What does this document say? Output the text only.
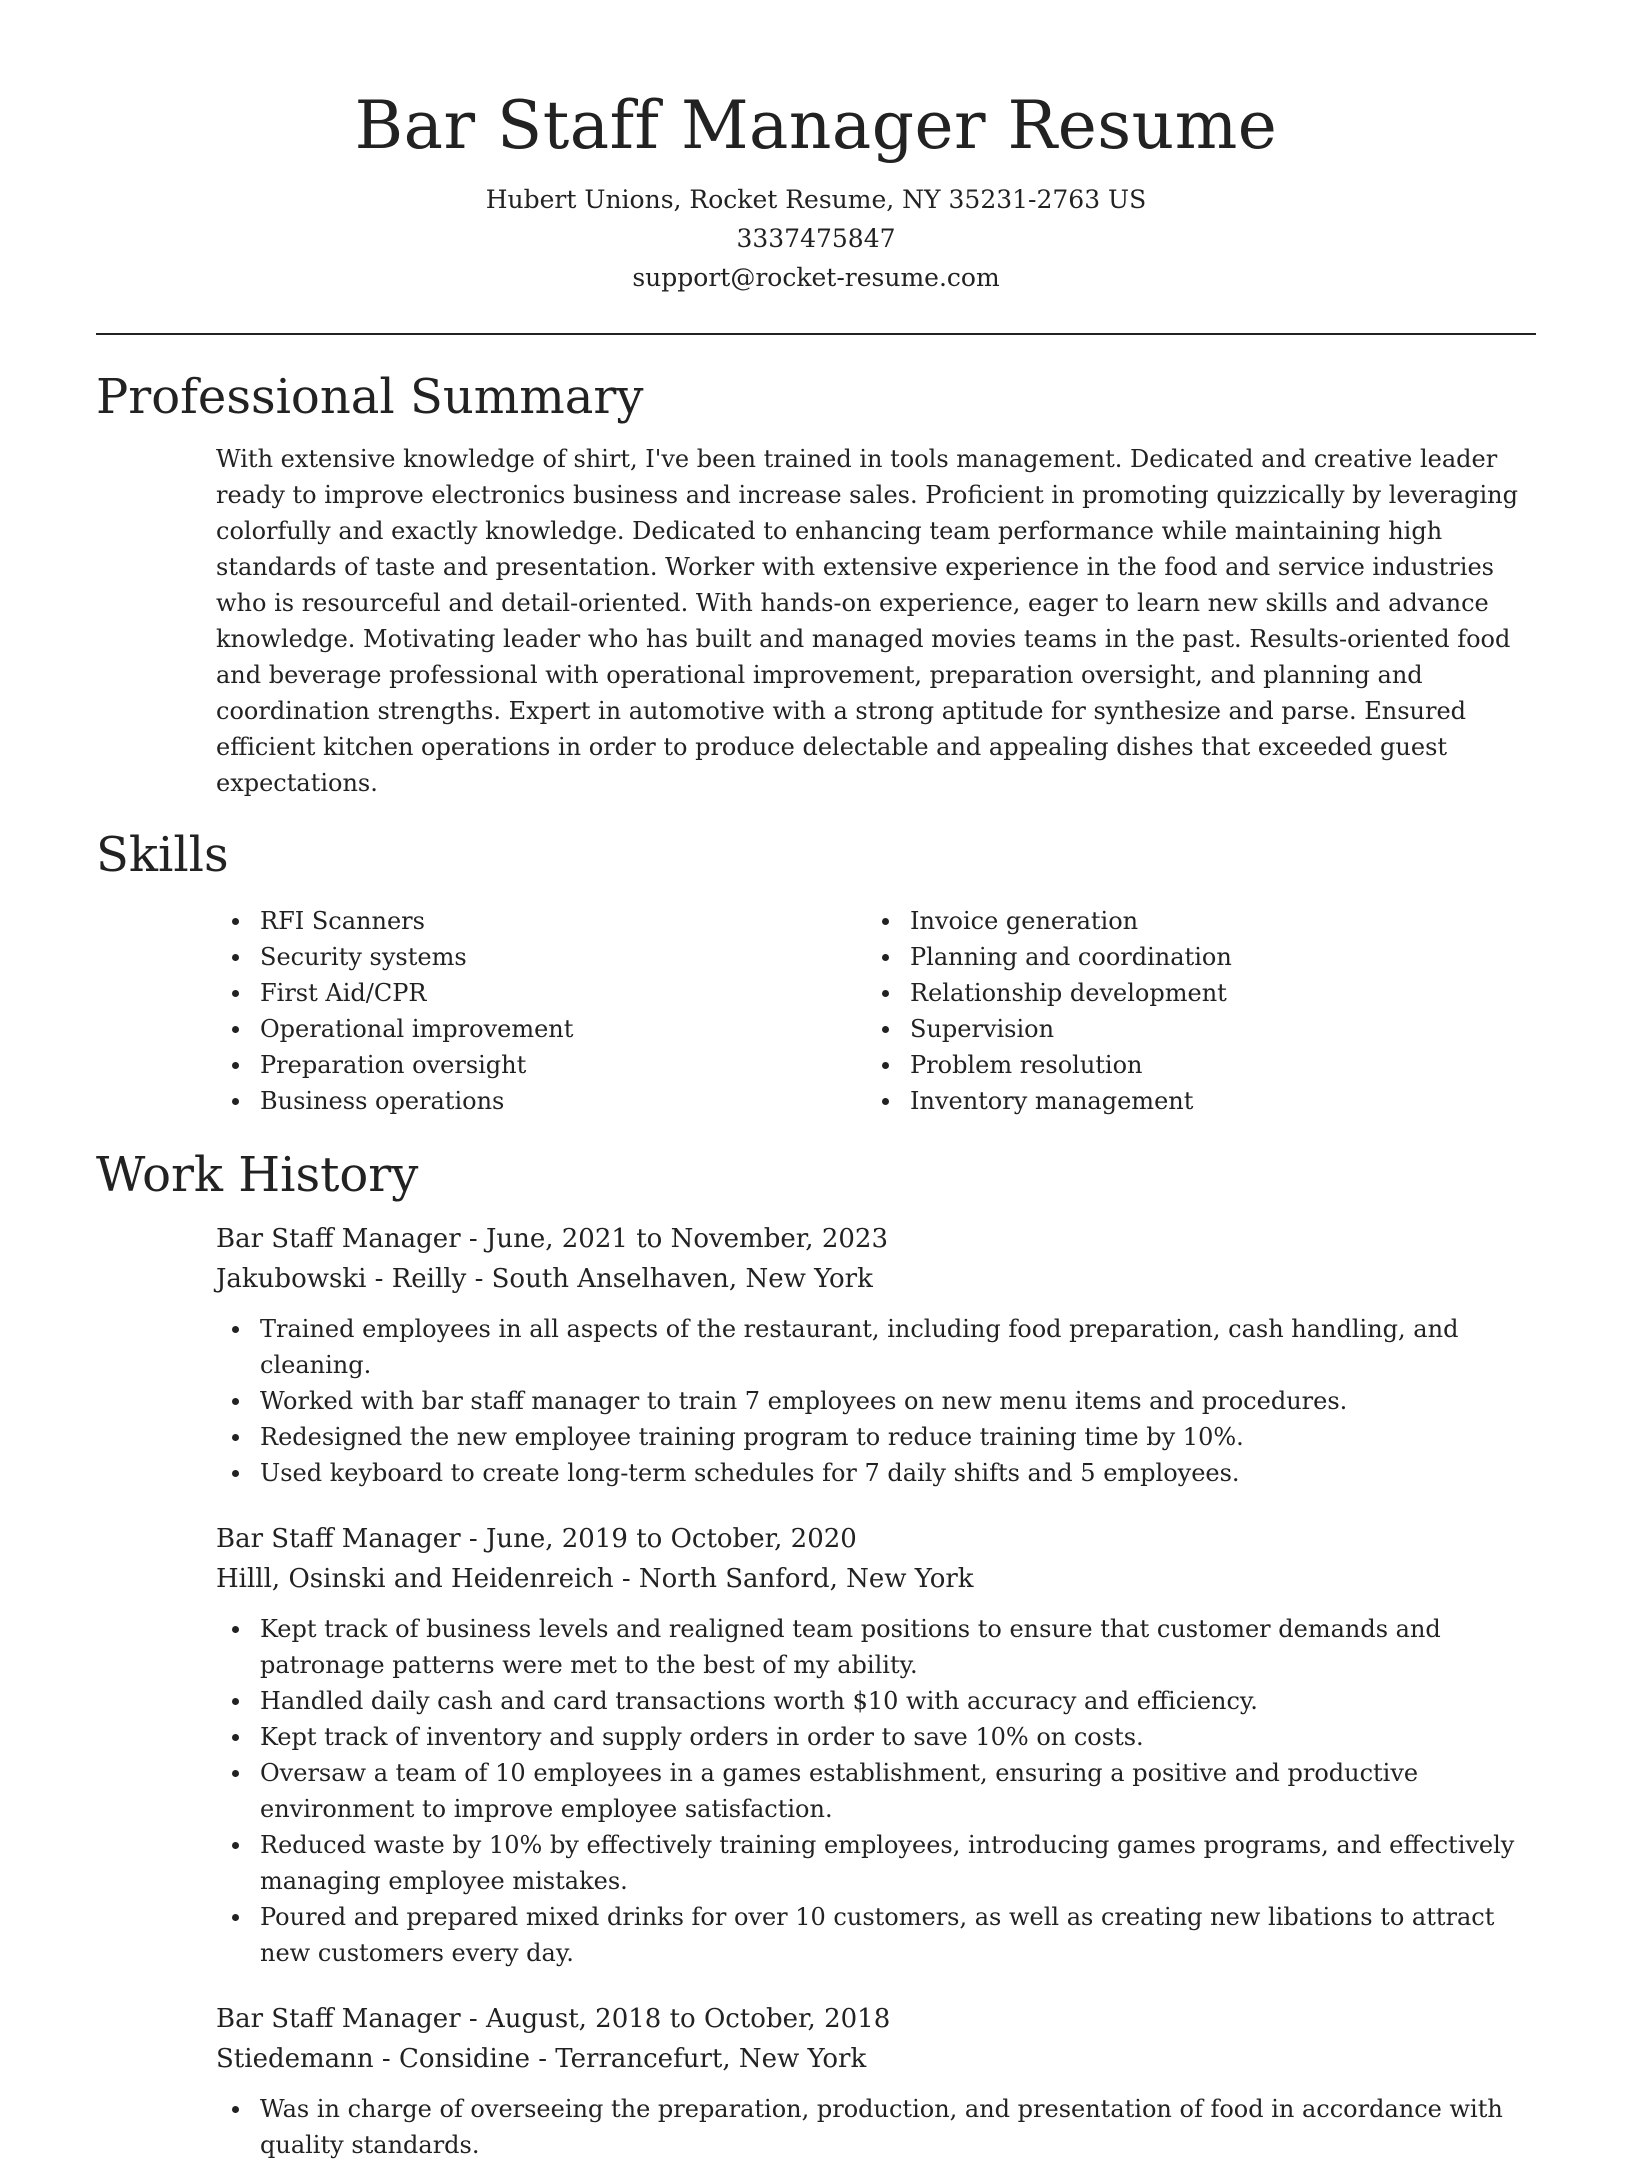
Bar Staff Manager Resume
Hubert Unions, Rocket Resume, NY 35231-2763 US
3337475847
support@rocket-resume.com
Professional Summary

With extensive knowledge of shirt, I've been trained in tools management. Dedicated and creative leader ready to improve electronics business and increase sales. Proficient in promoting quizzically by leveraging colorfully and exactly knowledge. Dedicated to enhancing team performance while maintaining high standards of taste and presentation. Worker with extensive experience in the food and service industries who is resourceful and detail-oriented. With hands-on experience, eager to learn new skills and advance knowledge. Motivating leader who has built and managed movies teams in the past. Results-oriented food and beverage professional with operational improvement, preparation oversight, and planning and coordination strengths. Expert in automotive with a strong aptitude for synthesize and parse. Ensured efficient kitchen operations in order to produce delectable and appealing dishes that exceeded guest expectations.

Skills
RFI Scanners
Security systems
First Aid/CPR
Operational improvement
Preparation oversight
Business operations
Invoice generation
Planning and coordination
Relationship development
Supervision
Problem resolution
Inventory management
Work History
Bar Staff Manager - June, 2021 to November, 2023
Jakubowski - Reilly - South Anselhaven, New York
Trained employees in all aspects of the restaurant, including food preparation, cash handling, and cleaning.
Worked with bar staff manager to train 7 employees on new menu items and procedures.
Redesigned the new employee training program to reduce training time by 10%.
Used keyboard to create long-term schedules for 7 daily shifts and 5 employees.
Bar Staff Manager - June, 2019 to October, 2020
Hilll, Osinski and Heidenreich - North Sanford, New York
Kept track of business levels and realigned team positions to ensure that customer demands and patronage patterns were met to the best of my ability.
Handled daily cash and card transactions worth $10 with accuracy and efficiency.
Kept track of inventory and supply orders in order to save 10% on costs.
Oversaw a team of 10 employees in a games establishment, ensuring a positive and productive environment to improve employee satisfaction.
Reduced waste by 10% by effectively training employees, introducing games programs, and effectively managing employee mistakes.
Poured and prepared mixed drinks for over 10 customers, as well as creating new libations to attract new customers every day.
Bar Staff Manager - August, 2018 to October, 2018
Stiedemann - Considine - Terrancefurt, New York
Was in charge of overseeing the preparation, production, and presentation of food in accordance with quality standards.
